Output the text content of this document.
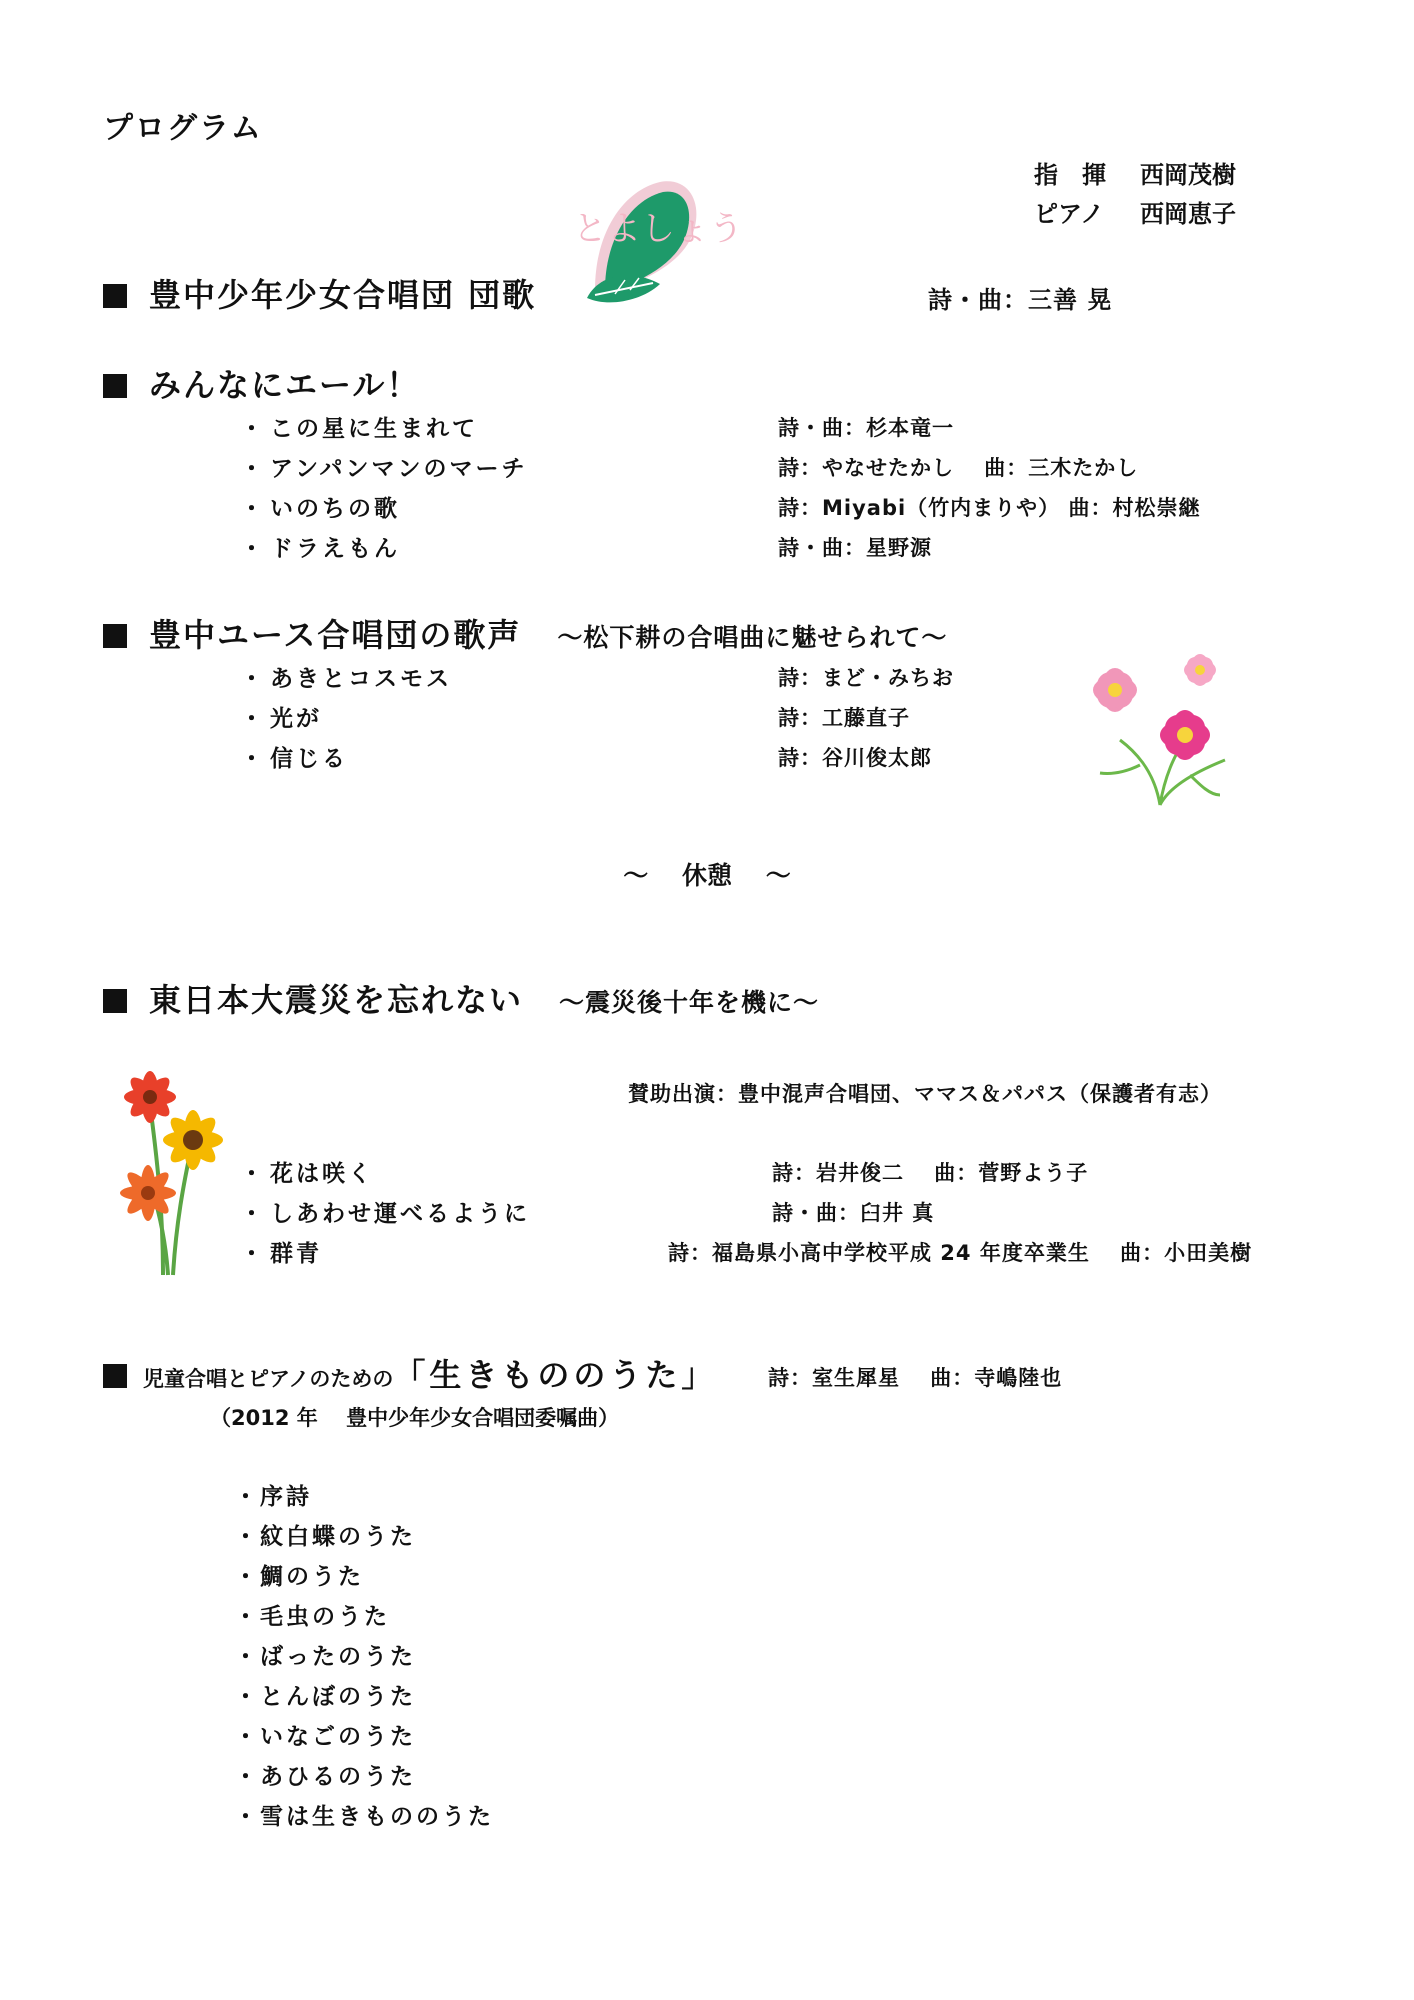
プログラム
指　揮 西岡茂樹
ピアノ 西岡恵子
とよしょう
豊中少年少女合唱団 団歌	詩・曲：三善 晃
みんなにエール！
・ この星に生まれて	詩・曲：杉本竜一
・ アンパンマンのマーチ	詩：やなせたかし　 曲：三木たかし
・ いのちの歌	詩：Miyabi（竹内まりや） 曲：村松崇継
・ ドラえもん	詩・曲：星野源
豊中ユース合唱団の歌声 ～松下耕の合唱曲に魅せられて～
・ あきとコスモス	詩：まど・みちお
・ 光が	詩：工藤直子
・ 信じる	詩：谷川俊太郎
～　 休憩　 ～
東日本大震災を忘れない ～震災後十年を機に～
賛助出演：豊中混声合唱団、ママス＆パパス（保護者有志）
・ 花は咲く	詩：岩井俊二　 曲：菅野よう子
・ しあわせ運べるように	詩・曲：臼井 真
・ 群青	詩：福島県小高中学校平成 24 年度卒業生　 曲：小田美樹
児童合唱とピアノのための「生きもののうた」 詩：室生犀星　 曲：寺嶋陸也
（2012 年　 豊中少年少女合唱団委嘱曲）
・序詩
・紋白蝶のうた
・鯛のうた
・毛虫のうた
・ばったのうた
・とんぼのうた
・いなごのうた
・あひるのうた
・雪は生きもののうた
